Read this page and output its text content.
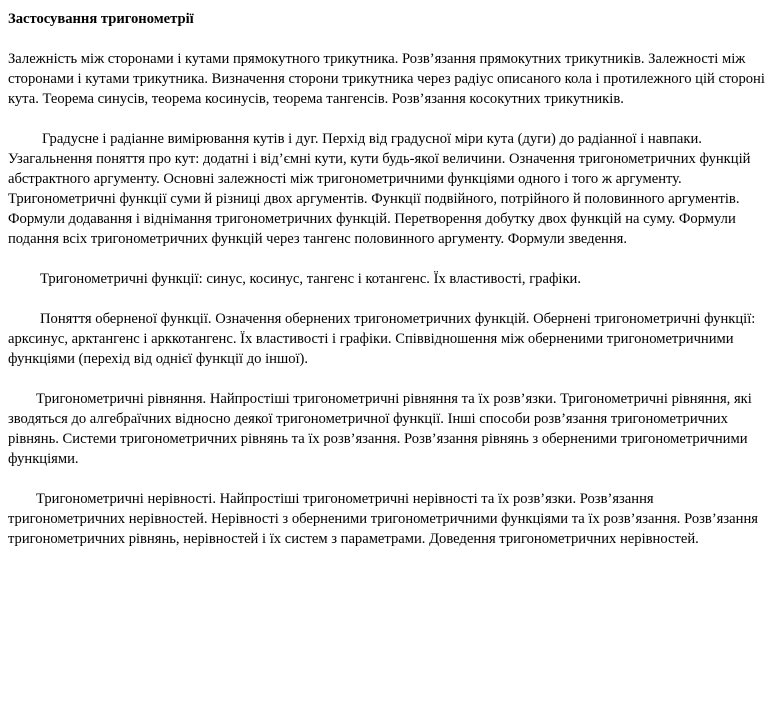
Застосування тригонометрії

Залежність між сторонами і кутами прямокутного трикутника. Розв’язання прямокутних трикутників. Залежності між сторонами і кутами трикутника. Визначення сторони трикутника через радіус описаного кола і протилежного цій стороні кута. Теорема синусів, теорема косинусів, теорема тангенсів. Розв’язання косокутних трикутників.

Градусне і радіанне вимірювання кутів і дуг. Перхід від градусної міри кута (дуги) до радіанної і навпаки. Узагальнення поняття про кут: додатні і від’ємні кути, кути будь-якої величини. Означення тригонометричних функцій абстрактного аргументу. Основні залежності між тригонометричними функціями одного і того ж аргументу. Тригонометричні функції суми й різниці двох аргументів. Функції подвійного, потрійного й половинного аргументів. Формули додавання і віднімання тригонометричних функцій. Перетворення добутку двох функцій на суму. Формули подання всіх тригонометричних функцій через тангенс половинного аргументу. Формули зведення.

Тригонометричні функції: синус, косинус, тангенс і котангенс. Їх властивості, графіки.

Поняття оберненої функції. Означення обернених тригонометричних функцій. Обернені тригонометричні функції: арксинус, арктангенс і арккотангенс. Їх властивості і графіки. Співвідношення між оберненими тригонометричними функціями (перехід від однієї функції до іншої).

Тригонометричні рівняння. Найпростіші тригонометричні рівняння та їх розв’язки. Тригонометричні рівняння, які зводяться до алгебраїчних відносно деякої тригонометричної функції. Інші способи розв’язання тригонометричних рівнянь. Системи тригонометричних рівнянь та їх розв’язання. Розв’язання рівнянь з оберненими тригонометричними функціями.

Тригонометричні нерівності. Найпростіші тригонометричні нерівності та їх розв’язки. Розв’язання тригонометричних нерівностей. Нерівності з оберненими тригонометричними функціями та їх розв’язання. Розв’язання тригонометричних рівнянь, нерівностей і їх систем з параметрами. Доведення тригонометричних нерівностей.
